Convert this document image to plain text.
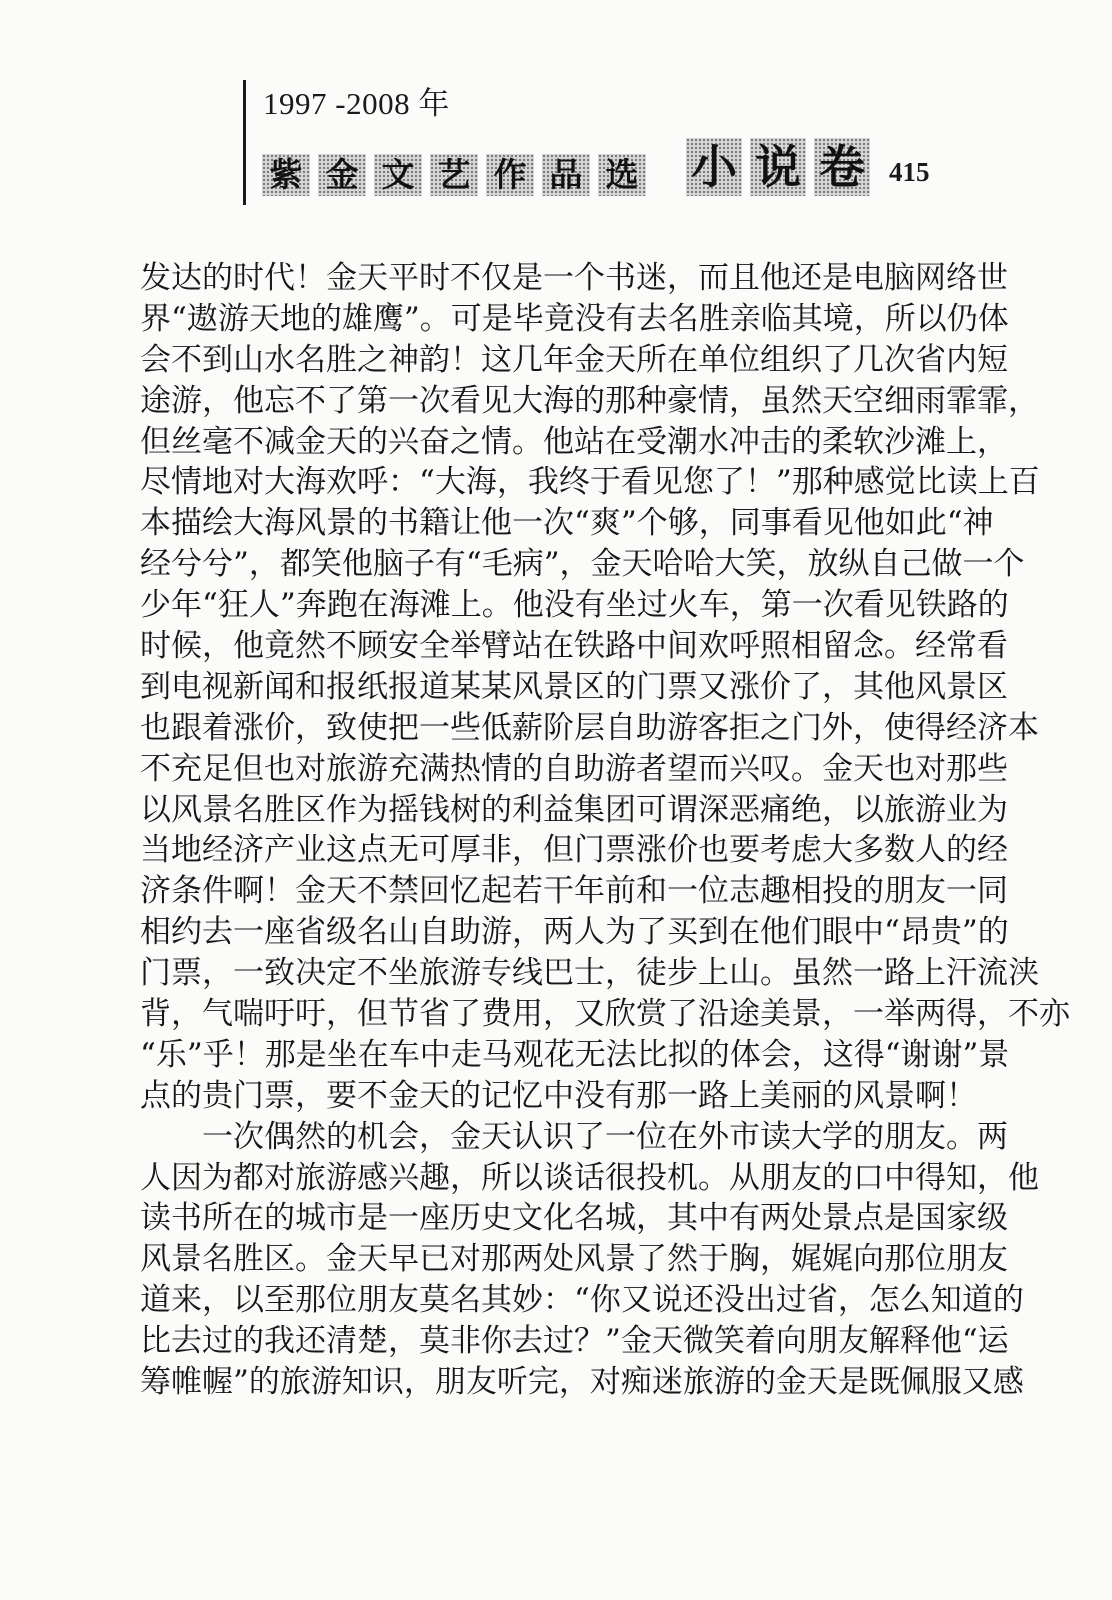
1997 -2008 年
紫 金 文 艺 作 品 选 小 说 卷 415
发达的时代！金天平时不仅是一个书迷，而且他还是电脑网络世
界“遨游天地的雄鹰”。可是毕竟没有去名胜亲临其境，所以仍体
会不到山水名胜之神韵！这几年金天所在单位组织了几次省内短
途游，他忘不了第一次看见大海的那种豪情，虽然天空细雨霏霏，
但丝毫不减金天的兴奋之情。他站在受潮水冲击的柔软沙滩上，
尽情地对大海欢呼：“大海，我终于看见您了！”那种感觉比读上百
本描绘大海风景的书籍让他一次“爽”个够，同事看见他如此“神
经兮兮”，都笑他脑子有“毛病”，金天哈哈大笑，放纵自己做一个
少年“狂人”奔跑在海滩上。他没有坐过火车，第一次看见铁路的
时候，他竟然不顾安全举臂站在铁路中间欢呼照相留念。经常看
到电视新闻和报纸报道某某风景区的门票又涨价了，其他风景区
也跟着涨价，致使把一些低薪阶层自助游客拒之门外，使得经济本
不充足但也对旅游充满热情的自助游者望而兴叹。金天也对那些
以风景名胜区作为摇钱树的利益集团可谓深恶痛绝，以旅游业为
当地经济产业这点无可厚非，但门票涨价也要考虑大多数人的经
济条件啊！金天不禁回忆起若干年前和一位志趣相投的朋友一同
相约去一座省级名山自助游，两人为了买到在他们眼中“昂贵”的
门票，一致决定不坐旅游专线巴士，徒步上山。虽然一路上汗流浃
背，气喘吁吁，但节省了费用，又欣赏了沿途美景，一举两得，不亦
“乐”乎！那是坐在车中走马观花无法比拟的体会，这得“谢谢”景
点的贵门票，要不金天的记忆中没有那一路上美丽的风景啊！
一次偶然的机会，金天认识了一位在外市读大学的朋友。两
人因为都对旅游感兴趣，所以谈话很投机。从朋友的口中得知，他
读书所在的城市是一座历史文化名城，其中有两处景点是国家级
风景名胜区。金天早已对那两处风景了然于胸，娓娓向那位朋友
道来，以至那位朋友莫名其妙：“你又说还没出过省，怎么知道的
比去过的我还清楚，莫非你去过？”金天微笑着向朋友解释他“运
筹帷幄”的旅游知识，朋友听完，对痴迷旅游的金天是既佩服又感
